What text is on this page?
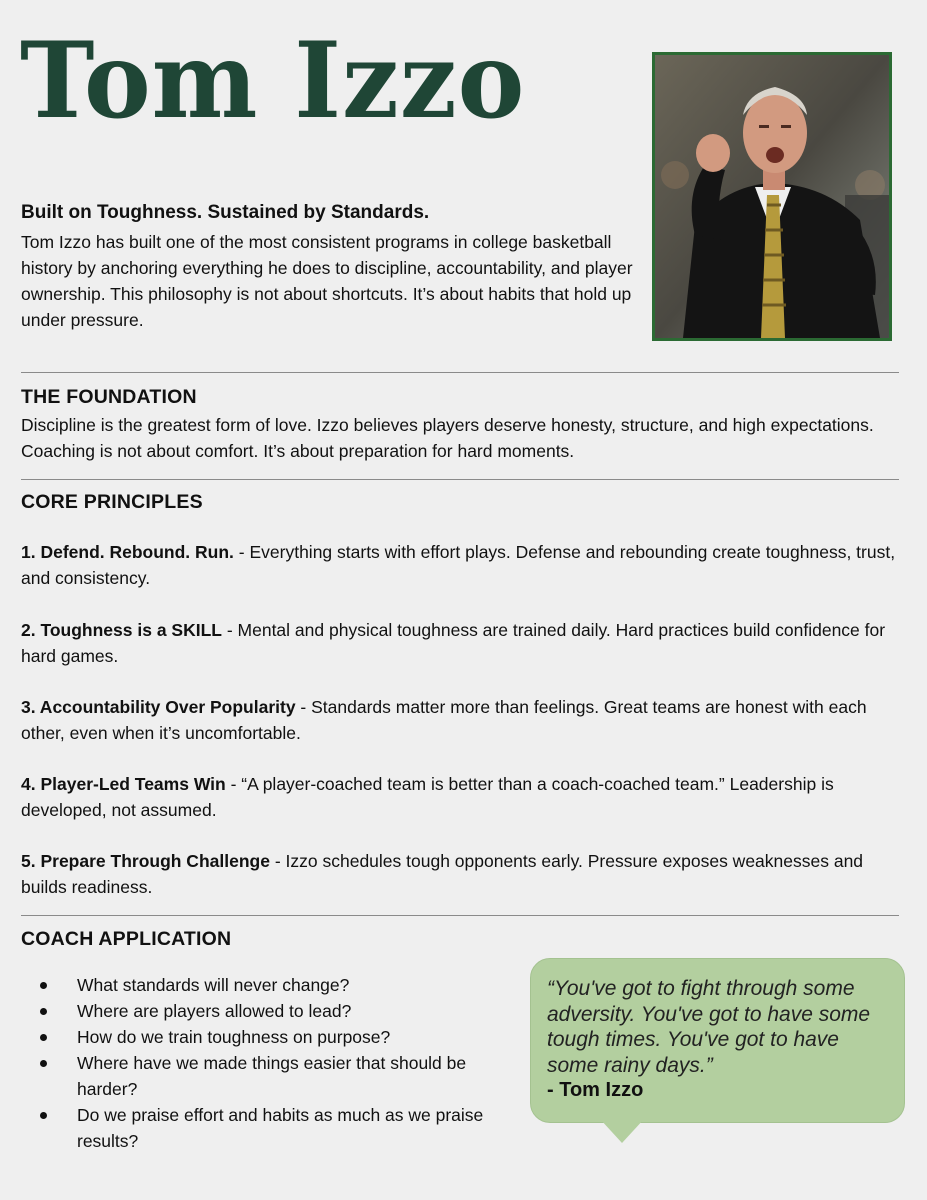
Tom Izzo
Built on Toughness. Sustained by Standards.
Tom Izzo has built one of the most consistent programs in college basketball history by anchoring everything he does to discipline, accountability, and player ownership. This philosophy is not about shortcuts. It’s about habits that hold up under pressure.
THE FOUNDATION
Discipline is the greatest form of love. Izzo believes players deserve honesty, structure, and high expectations. Coaching is not about comfort. It’s about preparation for hard moments.
CORE PRINCIPLES
1. Defend. Rebound. Run. - Everything starts with effort plays. Defense and rebounding create toughness, trust, and consistency.
2. Toughness is a SKILL - Mental and physical toughness are trained daily. Hard practices build confidence for hard games.
3. Accountability Over Popularity - Standards matter more than feelings. Great teams are honest with each other, even when it’s uncomfortable.
4. Player-Led Teams Win - “A player-coached team is better than a coach-coached team.” Leadership is developed, not assumed.
5. Prepare Through Challenge - Izzo schedules tough opponents early. Pressure exposes weaknesses and builds readiness.
COACH APPLICATION
What standards will never change?
Where are players allowed to lead?
How do we train toughness on purpose?
Where have we made things easier that should be harder?
Do we praise effort and habits as much as we praise results?
“You've got to fight through some adversity. You've got to have some tough times. You've got to have some rainy days.”
- Tom Izzo
